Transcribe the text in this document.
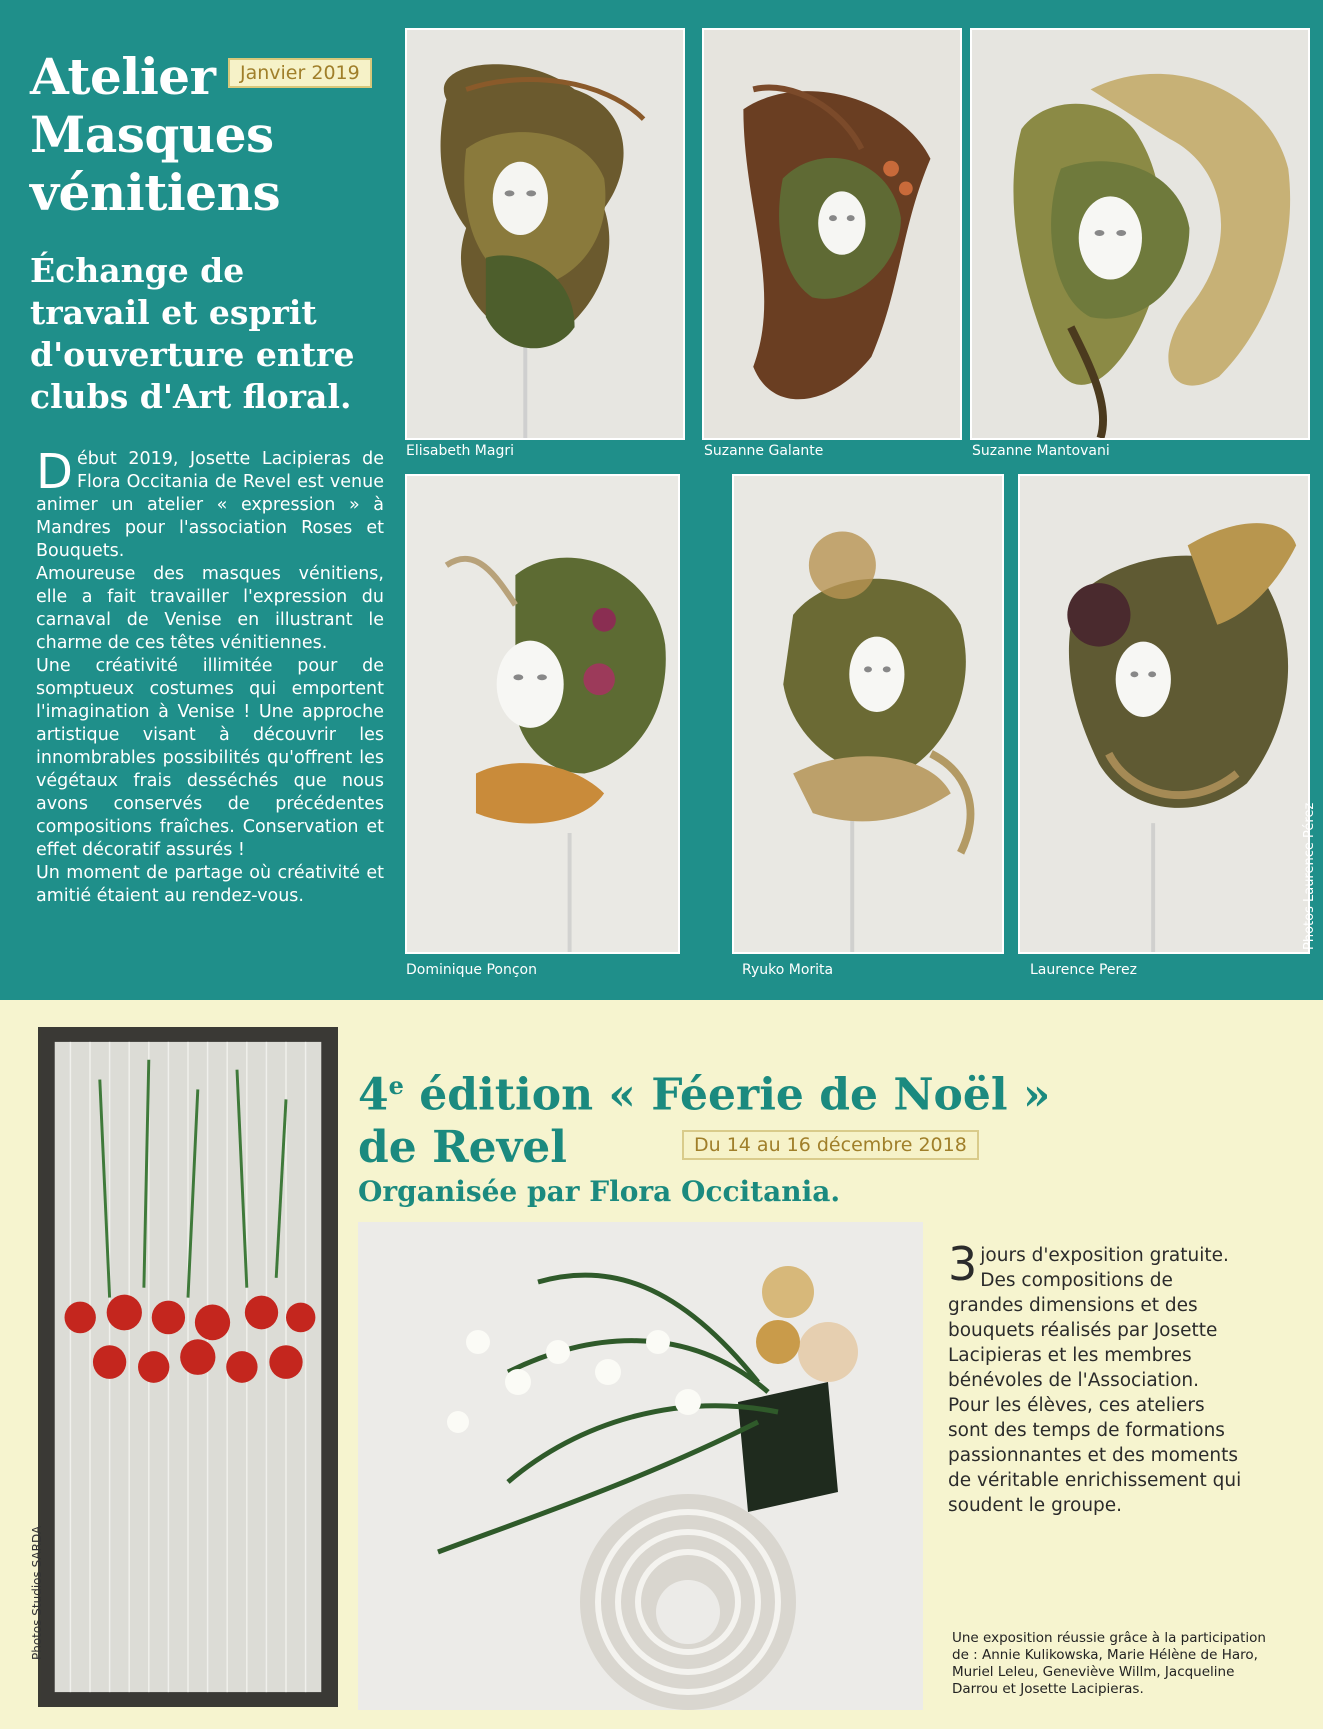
Atelier Masques vénitiens
Janvier 2019
Échange de travail et esprit d'ouverture entre clubs d'Art floral.

Début 2019, Josette Lacipieras de Flora Occitania de Revel est venue animer un atelier « expression » à Mandres pour l'association Roses et Bouquets.

Amoureuse des masques vénitiens, elle a fait travailler l'expression du carnaval de Venise en illustrant le charme de ces têtes vénitiennes.

Une créativité illimitée pour de somptueux costumes qui emportent l'imagination à Venise ! Une approche artistique visant à découvrir les innombrables possibilités qu'offrent les végétaux frais desséchés que nous avons conservés de précédentes compositions fraîches. Conservation et effet décoratif assurés !

Un moment de partage où créativité et amitié étaient au rendez-vous.

Elisabeth Magri	Suzanne Galante	Suzanne Mantovani
Dominique Ponçon	Ryuko Morita	Laurence Perez
Photos Laurence Pérez
Photos Studios SARDA
4e édition « Féerie de Noël »
de Revel	Du 14 au 16 décembre 2018
Organisée par Flora Occitania.

3 jours d'exposition gratuite. Des compositions de grandes dimensions et des bouquets réalisés par Josette Lacipieras et les membres bénévoles de l'Association.

Pour les élèves, ces ateliers sont des temps de formations passionnantes et des moments de véritable enrichissement qui soudent le groupe.

Une exposition réussie grâce à la participation de : Annie Kulikowska, Marie Hélène de Haro, Muriel Leleu, Geneviève Willm, Jacqueline Darrou et Josette Lacipieras.
